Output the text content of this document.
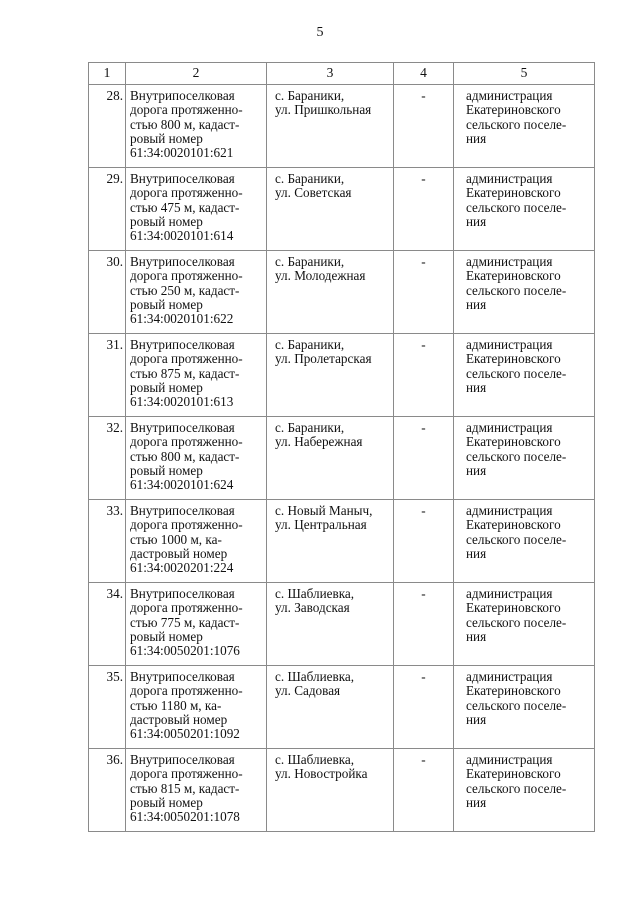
5
1	2	3	4	5
28.	Внутрипоселковая
дорога протяженно-
стью 800 м, кадаст-
ровый номер
61:34:0020101:621	с. Бараники,
ул. Пришкольная	-	администрация
Екатериновского
сельского поселе-
ния
29.	Внутрипоселковая
дорога протяженно-
стью 475 м, кадаст-
ровый номер
61:34:0020101:614	с. Бараники,
ул. Советская	-	администрация
Екатериновского
сельского поселе-
ния
30.	Внутрипоселковая
дорога протяженно-
стью 250 м, кадаст-
ровый номер
61:34:0020101:622	с. Бараники,
ул. Молодежная	-	администрация
Екатериновского
сельского поселе-
ния
31.	Внутрипоселковая
дорога протяженно-
стью 875 м, кадаст-
ровый номер
61:34:0020101:613	с. Бараники,
ул. Пролетарская	-	администрация
Екатериновского
сельского поселе-
ния
32.	Внутрипоселковая
дорога протяженно-
стью 800 м, кадаст-
ровый номер
61:34:0020101:624	с. Бараники,
ул. Набережная	-	администрация
Екатериновского
сельского поселе-
ния
33.	Внутрипоселковая
дорога протяженно-
стью 1000 м, ка-
дастровый номер
61:34:0020201:224	с. Новый Маныч,
ул. Центральная	-	администрация
Екатериновского
сельского поселе-
ния
34.	Внутрипоселковая
дорога протяженно-
стью 775 м, кадаст-
ровый номер
61:34:0050201:1076	с. Шаблиевка,
ул. Заводская	-	администрация
Екатериновского
сельского поселе-
ния
35.	Внутрипоселковая
дорога протяженно-
стью 1180 м, ка-
дастровый номер
61:34:0050201:1092	с. Шаблиевка,
ул. Садовая	-	администрация
Екатериновского
сельского поселе-
ния
36.	Внутрипоселковая
дорога протяженно-
стью 815 м, кадаст-
ровый номер
61:34:0050201:1078	с. Шаблиевка,
ул. Новостройка	-	администрация
Екатериновского
сельского поселе-
ния
